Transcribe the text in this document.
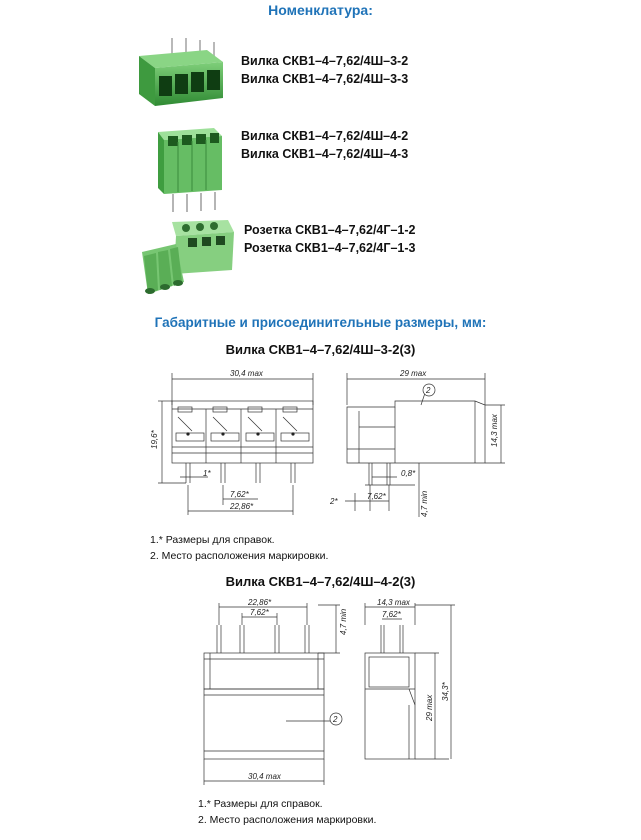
Номенклатура:
Вилка СКВ1–4–7,62/4Ш–3-2
Вилка СКВ1–4–7,62/4Ш–3-3
Вилка СКВ1–4–7,62/4Ш–4-2
Вилка СКВ1–4–7,62/4Ш–4-3
Розетка СКВ1–4–7,62/4Г–1-2
Розетка СКВ1–4–7,62/4Г–1-3
Габаритные и присоединительные размеры, мм:
Вилка СКВ1–4–7,62/4Ш–3-2(3)
30,4 max
19,6*
1*
7,62*
22,86*
2
29 max
14,3 max
0,8*
2*
7,62*	4,7 min
1.* Размеры для справок.
2. Место расположения маркировки.
Вилка СКВ1–4–7,62/4Ш–4-2(3)
2
22,86*
7,62*	4,7 min
30,4 max
14,3 max
7,62*
34,3*
29 max
1.* Размеры для справок.
2. Место расположения маркировки.
